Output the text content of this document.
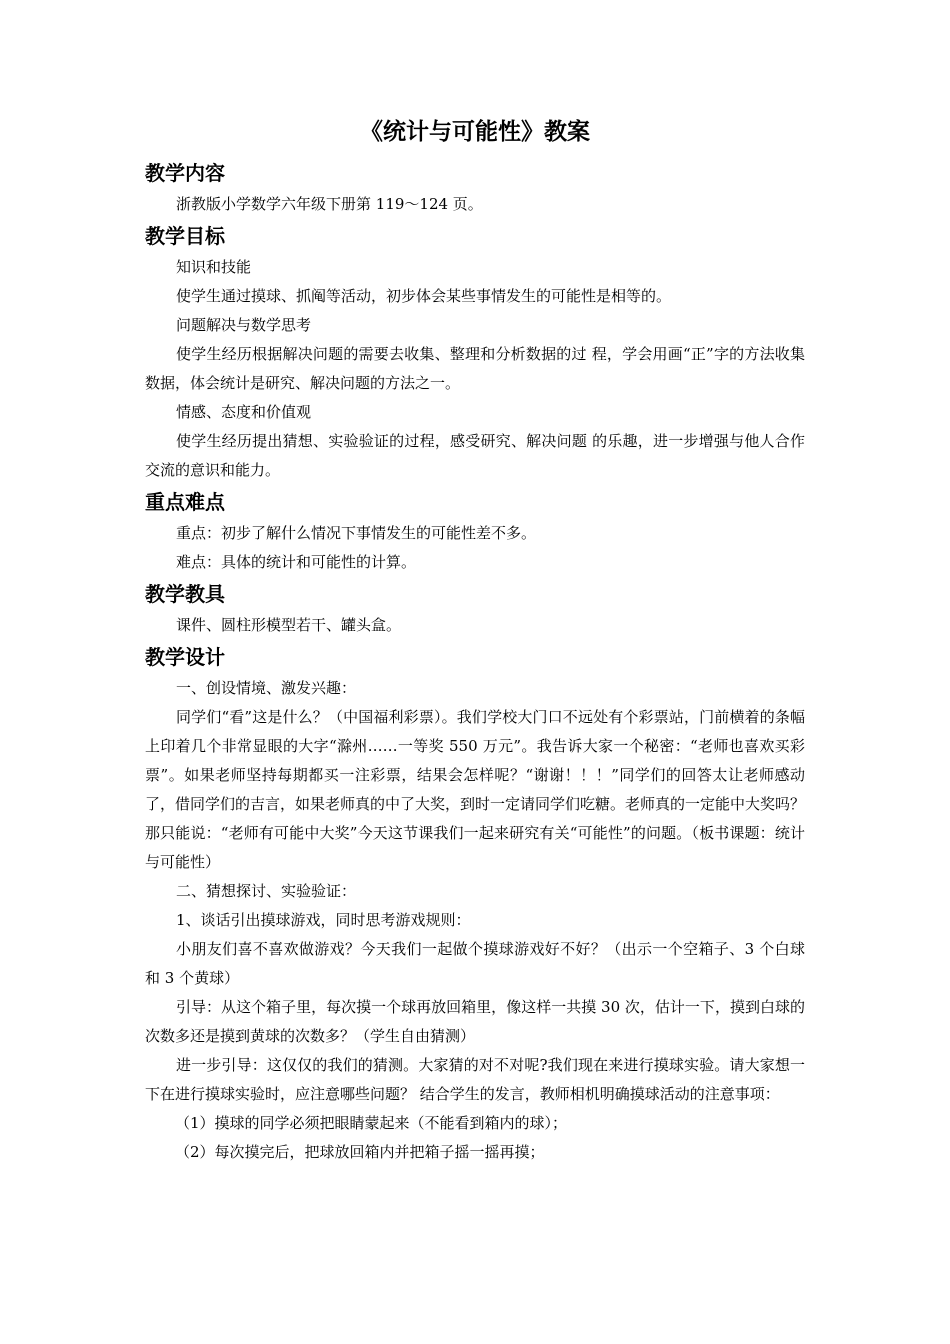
《统计与可能性》教案
教学内容

浙教版小学数学六年级下册第 119～124 页。

教学目标

知识和技能

使学生通过摸球、抓阄等活动，初步体会某些事情发生的可能性是相等的。

问题解决与数学思考

使学生经历根据解决问题的需要去收集、整理和分析数据的过 程，学会用画“正”字的方法收集数据，体会统计是研究、解决问题的方法之一。

情感、态度和价值观

使学生经历提出猜想、实验验证的过程，感受研究、解决问题 的乐趣，进一步增强与他人合作交流的意识和能力。

重点难点

重点：初步了解什么情况下事情发生的可能性差不多。

难点：具体的统计和可能性的计算。

教学教具

课件、圆柱形模型若干、罐头盒。

教学设计

一、创设情境、激发兴趣：

同学们“看”这是什么？（中国福利彩票）。我们学校大门口不远处有个彩票站，门前横着的条幅上印着几个非常显眼的大字“滁州……一等奖 550 万元”。我告诉大家一个秘密：“老师也喜欢买彩票”。如果老师坚持每期都买一注彩票，结果会怎样呢？“谢谢！！！”同学们的回答太让老师感动了，借同学们的吉言，如果老师真的中了大奖，到时一定请同学们吃糖。老师真的一定能中大奖吗？那只能说：“老师有可能中大奖”今天这节课我们一起来研究有关“可能性”的问题。（板书课题：统计与可能性）

二、猜想探讨、实验验证：

1、谈话引出摸球游戏，同时思考游戏规则：

小朋友们喜不喜欢做游戏？今天我们一起做个摸球游戏好不好？（出示一个空箱子、3 个白球和 3 个黄球）

引导：从这个箱子里，每次摸一个球再放回箱里，像这样一共摸 30 次，估计一下，摸到白球的次数多还是摸到黄球的次数多？（学生自由猜测）

进一步引导：这仅仅的我们的猜测。大家猜的对不对呢?我们现在来进行摸球实验。请大家想一下在进行摸球实验时，应注意哪些问题？ 结合学生的发言，教师相机明确摸球活动的注意事项：

（1）摸球的同学必须把眼睛蒙起来（不能看到箱内的球）；

（2）每次摸完后，把球放回箱内并把箱子摇一摇再摸；
